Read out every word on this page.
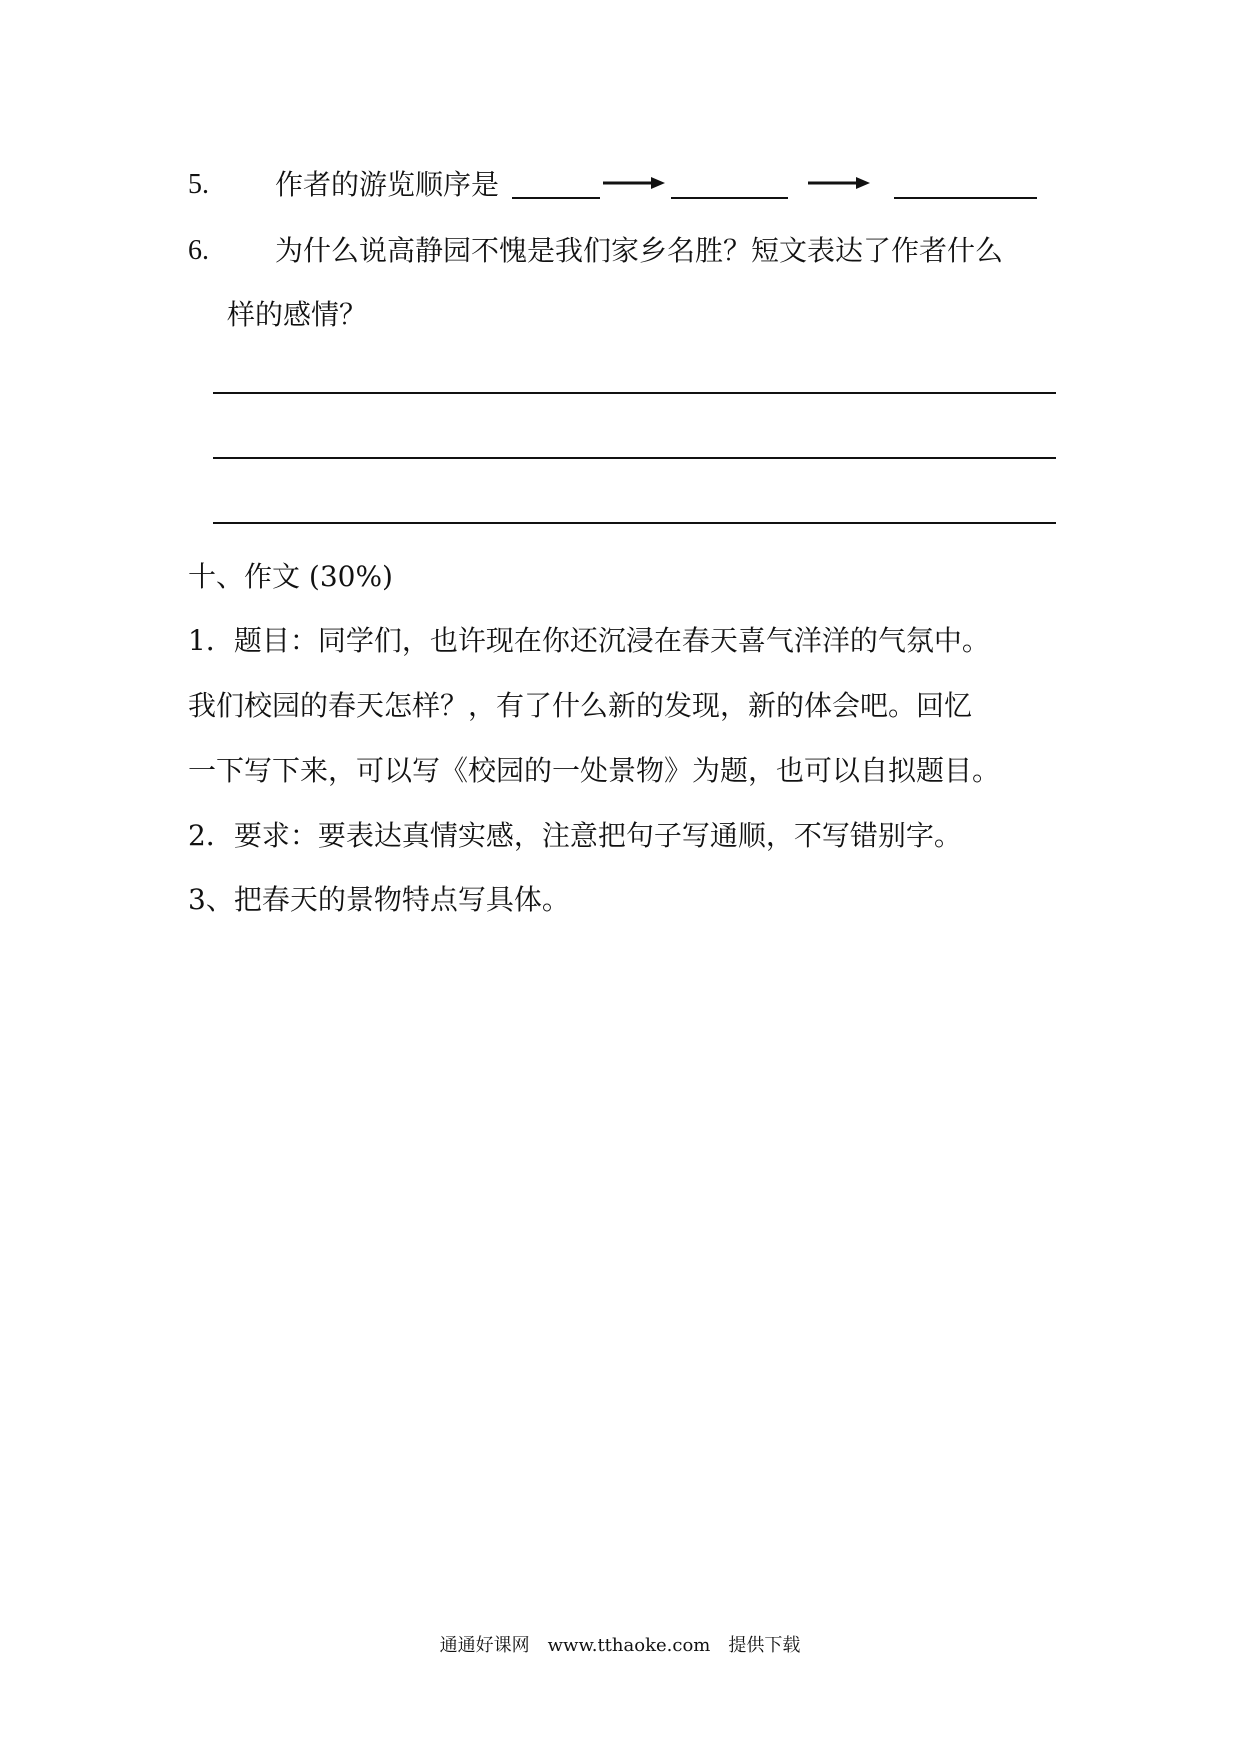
5. 作者的游览顺序是
6. 为什么说高静园不愧是我们家乡名胜？短文表达了作者什么
样的感情？
十、作文 (30%)
1．题目：同学们，也许现在你还沉浸在春天喜气洋洋的气氛中。
我们校园的春天怎样？，有了什么新的发现，新的体会吧。回忆
一下写下来，可以写《校园的一处景物》为题，也可以自拟题目。
2．要求：要表达真情实感，注意把句子写通顺，不写错别字。
3、把春天的景物特点写具体。
通通好课网　www.tthaoke.com　提供下载
